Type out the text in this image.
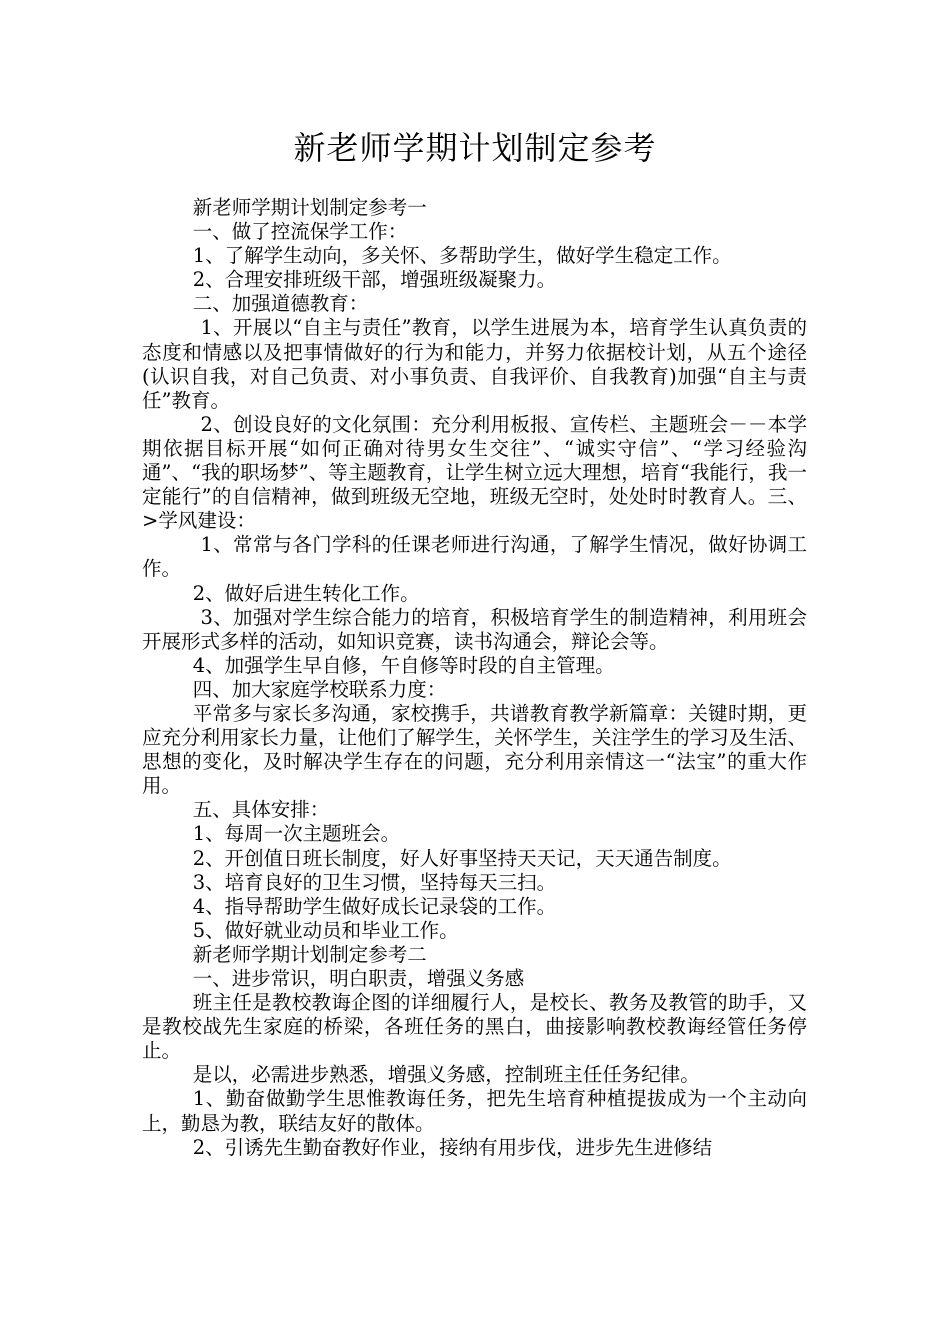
新老师学期计划制定参考

新老师学期计划制定参考一

一、做了控流保学工作：

1、了解学生动向，多关怀、多帮助学生，做好学生稳定工作。

2、合理安排班级干部，增强班级凝聚力。

二、加强道德教育：

1、开展以“自主与责任”教育，以学生进展为本，培育学生认真负责的态度和情感以及把事情做好的行为和能力，并努力依据校计划，从五个途径(认识自我，对自己负责、对小事负责、自我评价、自我教育)加强“自主与责任”教育。

2、创设良好的文化氛围：充分利用板报、宣传栏、主题班会－－本学期依据目标开展“如何正确对待男女生交往”、“诚实守信”、“学习经验沟通”、“我的职场梦”、等主题教育，让学生树立远大理想，培育“我能行，我一定能行”的自信精神，做到班级无空地，班级无空时，处处时时教育人。三、>学风建设：

1、常常与各门学科的任课老师进行沟通，了解学生情况，做好协调工作。

2、做好后进生转化工作。

3、加强对学生综合能力的培育，积极培育学生的制造精神，利用班会开展形式多样的活动，如知识竞赛，读书沟通会，辩论会等。

4、加强学生早自修，午自修等时段的自主管理。

四、加大家庭学校联系力度：

平常多与家长多沟通，家校携手，共谱教育教学新篇章：关键时期，更应充分利用家长力量，让他们了解学生，关怀学生，关注学生的学习及生活、思想的变化，及时解决学生存在的问题，充分利用亲情这一“法宝”的重大作用。

五、具体安排：

1、每周一次主题班会。

2、开创值日班长制度，好人好事坚持天天记，天天通告制度。

3、培育良好的卫生习惯，坚持每天三扫。

4、指导帮助学生做好成长记录袋的工作。

5、做好就业动员和毕业工作。

新老师学期计划制定参考二

一、进步常识，明白职责，增强义务感

班主任是教校教诲企图的详细履行人，是校长、教务及教管的助手，又是教校战先生家庭的桥梁，各班任务的黑白，曲接影响教校教诲经管任务停止。

是以，必需进步熟悉，增强义务感，控制班主任任务纪律。

1、勤奋做勤学生思惟教诲任务，把先生培育种植提拔成为一个主动向上，勤恳为教，联结友好的散体。

2、引诱先生勤奋教好作业，接纳有用步伐，进步先生进修结
